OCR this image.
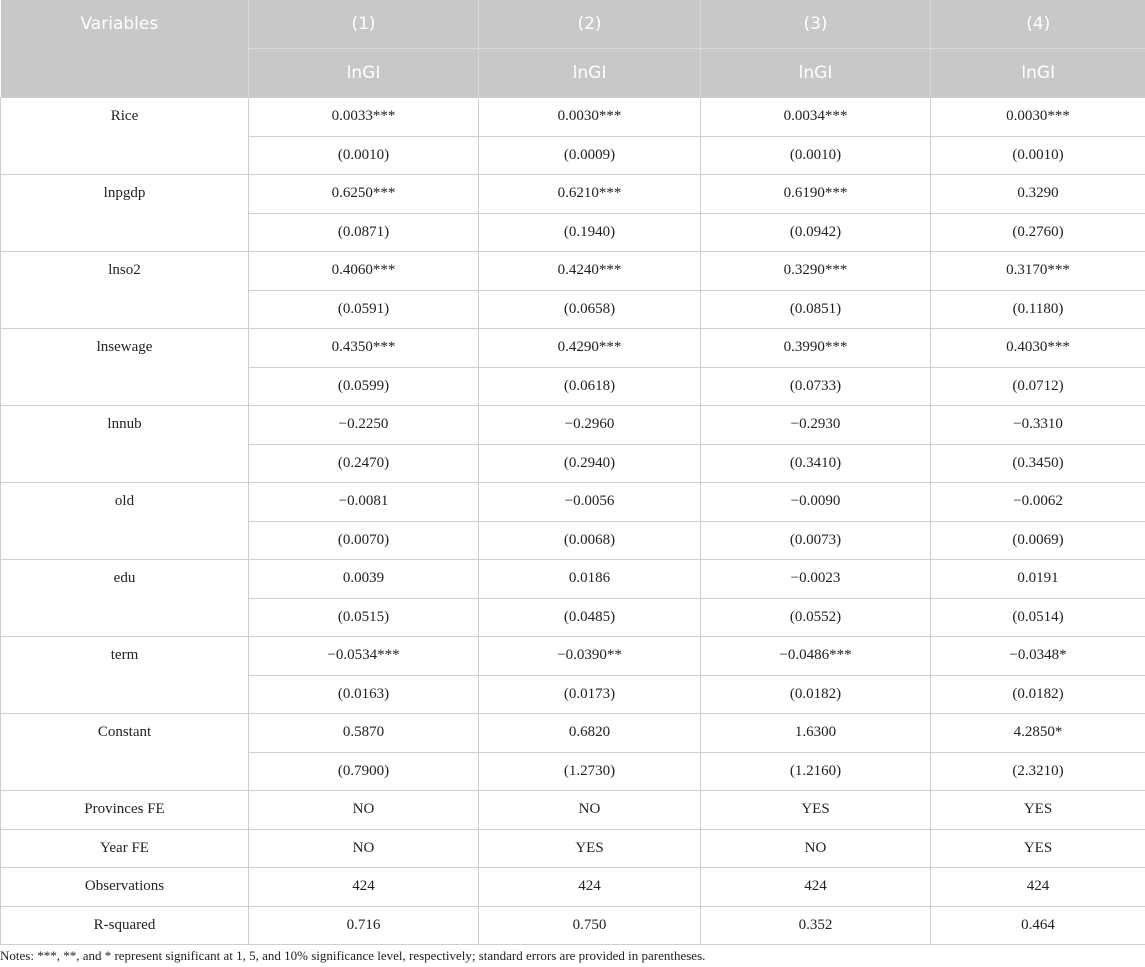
Variables	(1)	(2)	(3)	(4)
	lnGI	lnGI	lnGI	lnGI
Rice	0.0033***	0.0030***	0.0034***	0.0030***
	(0.0010)	(0.0009)	(0.0010)	(0.0010)
lnpgdp	0.6250***	0.6210***	0.6190***	0.3290
	(0.0871)	(0.1940)	(0.0942)	(0.2760)
lnso2	0.4060***	0.4240***	0.3290***	0.3170***
	(0.0591)	(0.0658)	(0.0851)	(0.1180)
lnsewage	0.4350***	0.4290***	0.3990***	0.4030***
	(0.0599)	(0.0618)	(0.0733)	(0.0712)
lnnub	−0.2250	−0.2960	−0.2930	−0.3310
	(0.2470)	(0.2940)	(0.3410)	(0.3450)
old	−0.0081	−0.0056	−0.0090	−0.0062
	(0.0070)	(0.0068)	(0.0073)	(0.0069)
edu	0.0039	0.0186	−0.0023	0.0191
	(0.0515)	(0.0485)	(0.0552)	(0.0514)
term	−0.0534***	−0.0390**	−0.0486***	−0.0348*
	(0.0163)	(0.0173)	(0.0182)	(0.0182)
Constant	0.5870	0.6820	1.6300	4.2850*
	(0.7900)	(1.2730)	(1.2160)	(2.3210)
Provinces FE	NO	NO	YES	YES
Year FE	NO	YES	NO	YES
Observations	424	424	424	424
R-squared	0.716	0.750	0.352	0.464
Notes: ***, **, and * represent significant at 1, 5, and 10% significance level, respectively; standard errors are provided in parentheses.
